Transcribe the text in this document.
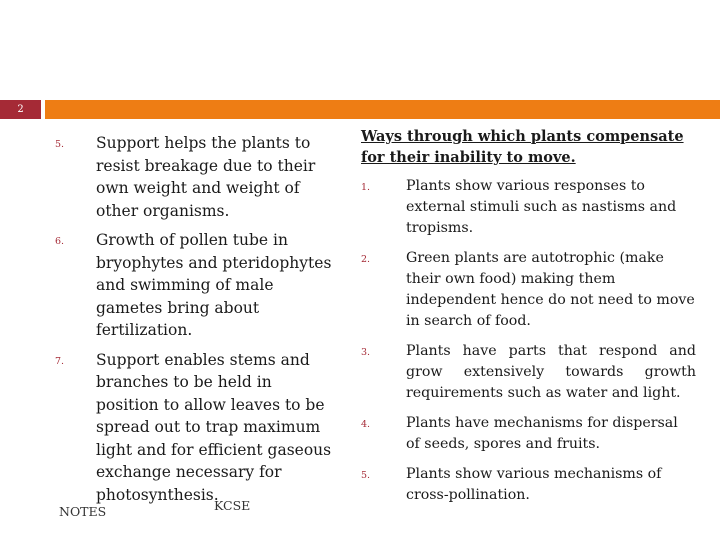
2
5. Support helps the plants to resist breakage due to their own weight and weight of other organisms.
6. Growth of pollen tube in bryophytes and pteridophytes and swimming of male gametes bring about fertilization.
7. Support enables stems and branches to be held in position to allow leaves to be spread out to trap maximum light and for efficient gaseous exchange necessary for photosynthesis.
Ways through which plants compensate for their inability to move.
1.	Plants show various responses to external stimuli such as nastisms and tropisms.
2.	Green plants are autotrophic (make their own food) making them independent hence do not need to move in search of food.
3.	Plants have parts that respond and grow extensively towards growth requirements such as water and light.
4.	Plants have mechanisms for dispersal of seeds, spores and fruits.
5.	Plants show various mechanisms of cross-pollination.
NOTES	KCSE
